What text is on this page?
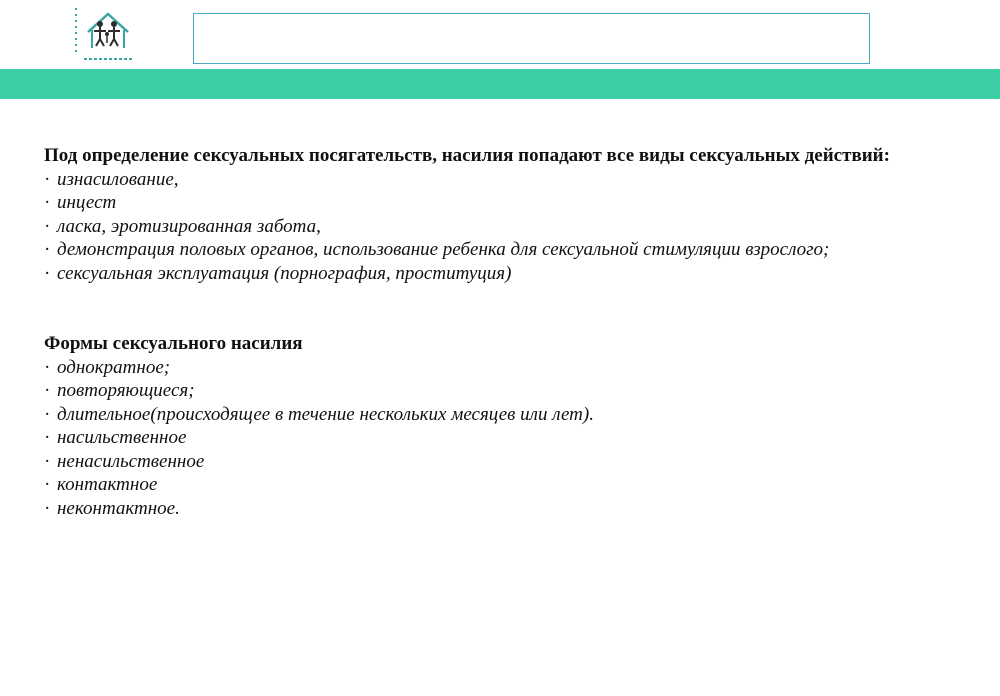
Под определение сексуальных посягательств, насилия попадают все виды сексуальных действий:

· изнасилование,
· инцест
· ласка, эротизированная забота,
· демонстрация половых органов, использование ребенка для сексуальной стимуляции взрослого;
· сексуальная эксплуатация (порнография, проституция)

Формы сексуального насилия

· однократное;
· повторяющиеся;
· длительное(происходящее в течение нескольких месяцев или лет).
· насильственное
· ненасильственное
· контактное
· неконтактное.
